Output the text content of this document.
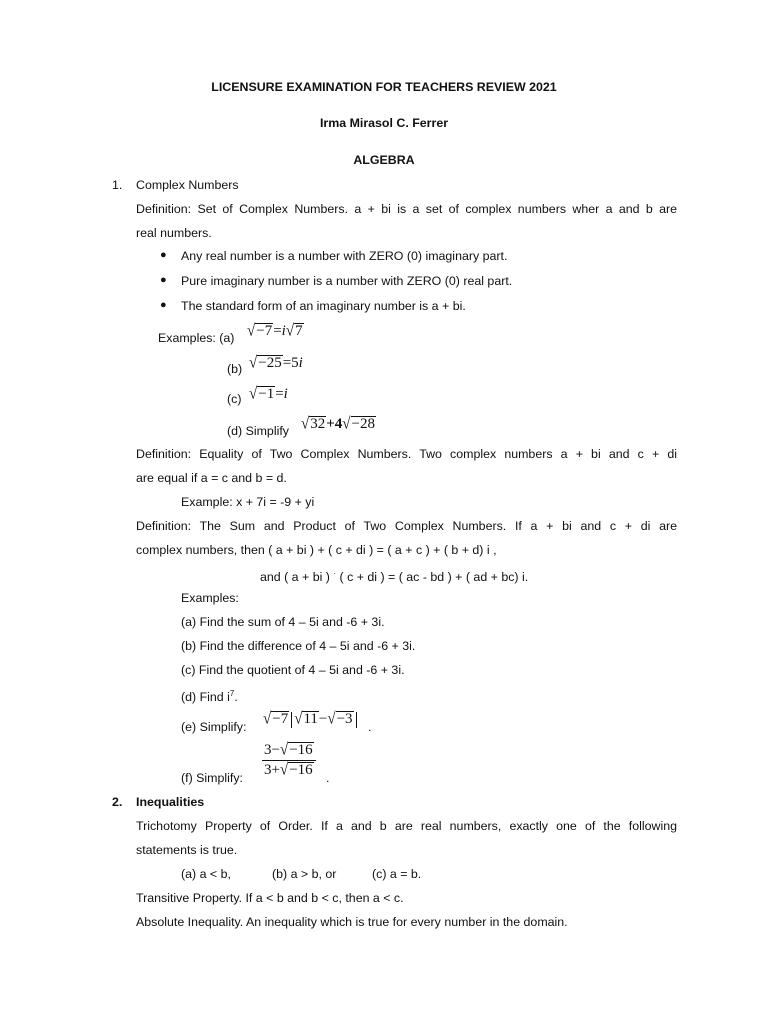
LICENSURE EXAMINATION FOR TEACHERS REVIEW 2021
Irma Mirasol C. Ferrer
ALGEBRA
1. Complex Numbers
Definition: Set of Complex Numbers. a + bi is a set of complex numbers wher a and b are
real numbers.
● Any real number is a number with ZERO (0) imaginary part.
● Pure imaginary number is a number with ZERO (0) real part.
● The standard form of an imaginary number is a + bi.
Examples: (a) √−7=i√7
(b) √−25=5i
(c) √−1=i
(d) Simplify √32+4√−28
Definition: Equality of Two Complex Numbers. Two complex numbers a + bi and c + di
are equal if a = c and b = d.
Example: x + 7i = -9 + yi
Definition: The Sum and Product of Two Complex Numbers. If a + bi and c + di are
complex numbers, then ( a + bi ) + ( c + di ) = ( a + c ) + ( b + d) i ,
and ( a + bi ) · ( c + di ) = ( ac - bd ) + ( ad + bc) i.
Examples:
(a) Find the sum of 4 – 5i and -6 + 3i.
(b) Find the difference of 4 – 5i and -6 + 3i.
(c) Find the quotient of 4 – 5i and -6 + 3i.
(d) Find $i^7$.
(e) Simplify: √−7 √11−√−3	.
(f) Simplify: $\frac{3-√-16}{3+√-16}$ .
2. Inequalities
Trichotomy Property of Order. If a and b are real numbers, exactly one of the following
statements is true.
(a) a < b,	(b) a > b, or	(c) a = b.
Transitive Property. If a < b and b < c, then a < c.
Absolute Inequality. An inequality which is true for every number in the domain.
